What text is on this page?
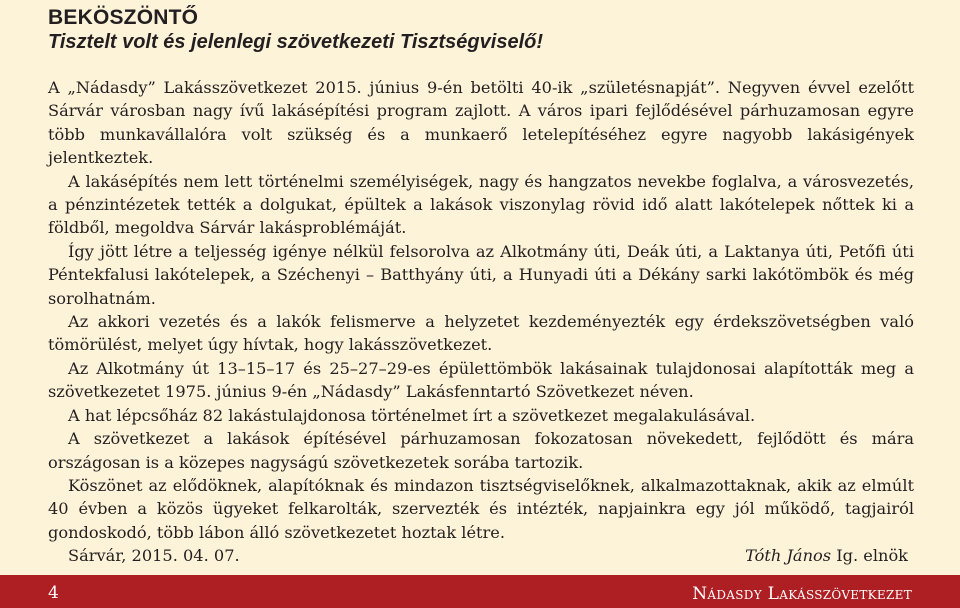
BEKÖSZÖNTŐ
Tisztelt volt és jelenlegi szövetkezeti Tisztségviselő!

A „Nádasdy” Lakásszövetkezet 2015. június 9-én betölti 40-ik „születésnapját”. Negyven évvel ezelőtt Sárvár városban nagy ívű lakásépítési program zajlott. A város ipari fejlődésével párhuzamosan egyre több munkavállalóra volt szükség és a munkaerő letelepítéséhez egyre nagyobb lakásigények jelentkeztek.

A lakásépítés nem lett történelmi személyiségek, nagy és hangzatos nevekbe foglalva, a városvezetés, a pénzintézetek tették a dolgukat, épültek a lakások viszonylag rövid idő alatt lakótelepek nőttek ki a földből, megoldva Sárvár lakásproblémáját.

Így jött létre a teljesség igénye nélkül felsorolva az Alkotmány úti, Deák úti, a Laktanya úti, Petőfi úti Péntekfalusi lakótelepek, a Széchenyi – Batthyány úti, a Hunyadi úti a Dékány sarki lakótömbök és még sorolhatnám.

Az akkori vezetés és a lakók felismerve a helyzetet kezdeményezték egy érdekszövetségben való tömörülést, melyet úgy hívtak, hogy lakásszövetkezet.

Az Alkotmány út 13–15–17 és 25–27–29-es épülettömbök lakásainak tulajdonosai alapították meg a szövetkezetet 1975. június 9-én „Nádasdy” Lakásfenntartó Szövetkezet néven.

A hat lépcsőház 82 lakástulajdonosa történelmet írt a szövetkezet megalakulásával.

A szövetkezet a lakások építésével párhuzamosan fokozatosan növekedett, fejlődött és mára országosan is a közepes nagyságú szövetkezetek sorába tartozik.

Köszönet az elődöknek, alapítóknak és mindazon tisztségviselőknek, alkalmazottaknak, akik az elmúlt 40 évben a közös ügyeket felkarolták, szervezték és intézték, napjainkra egy jól működő, tagjairól gondoskodó, több lábon álló szövetkezetet hoztak létre.

Sárvár, 2015. 04. 07.	Tóth János Ig. elnök
4	Nádasdy Lakásszövetkezet
